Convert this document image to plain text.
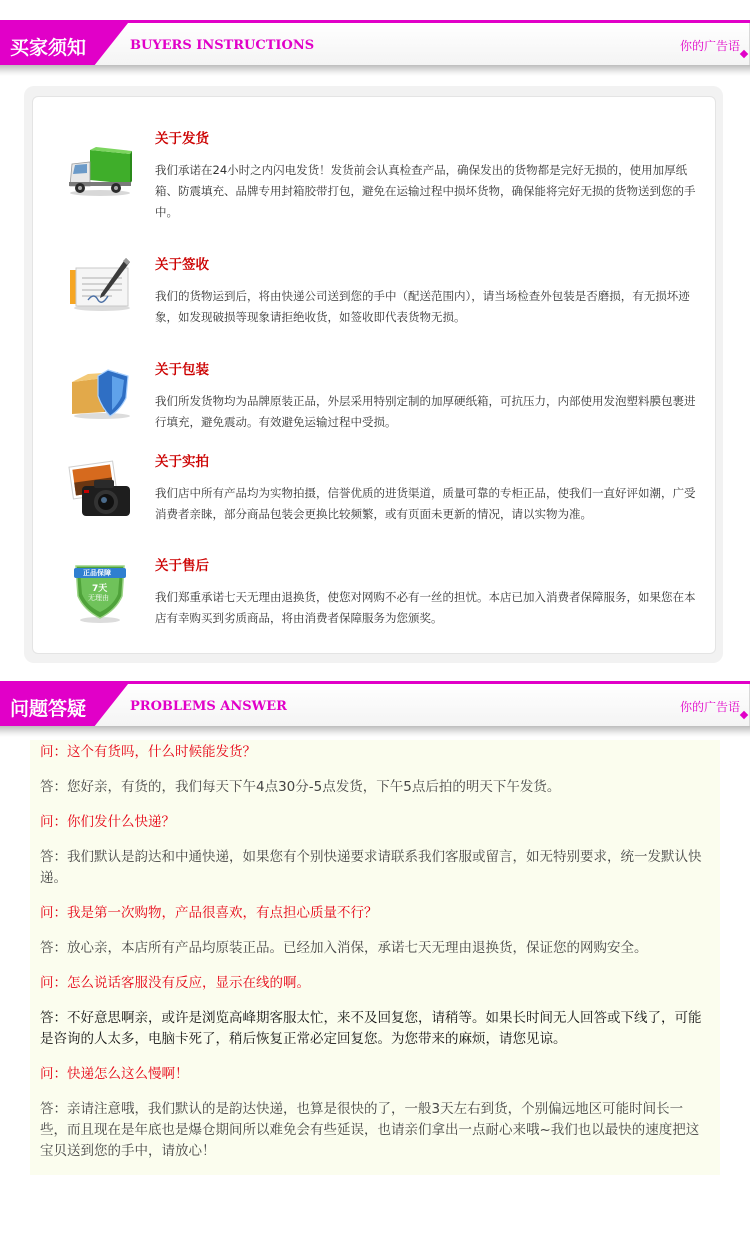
买家须知	BUYERS INSTRUCTIONS	你的广告语
关于发货
我们承诺在24小时之内闪电发货！发货前会认真检查产品，确保发出的货物都是完好无损的，使用加厚纸箱、防震填充、品牌专用封箱胶带打包，避免在运输过程中损坏货物，确保能将完好无损的货物送到您的手中。
关于签收
我们的货物运到后，将由快递公司送到您的手中（配送范围内），请当场检查外包装是否磨损，有无损坏迹象，如发现破损等现象请拒绝收货，如签收即代表货物无损。
关于包装
我们所发货物均为品牌原装正品，外层采用特别定制的加厚硬纸箱，可抗压力，内部使用发泡塑料膜包裹进行填充，避免震动。有效避免运输过程中受损。
关于实拍
我们店中所有产品均为实物拍摄，信誉优质的进货渠道，质量可靠的专柜正品，使我们一直好评如潮，广受消费者亲睐，部分商品包装会更换比较频繁，或有页面未更新的情况，请以实物为准。
正品保障
7天
无理由
关于售后
我们郑重承诺七天无理由退换货，使您对网购不必有一丝的担忧。本店已加入消费者保障服务，如果您在本店有幸购买到劣质商品，将由消费者保障服务为您颁奖。
问题答疑	PROBLEMS ANSWER	你的广告语
问：这个有货吗，什么时候能发货？
答：您好亲，有货的，我们每天下午4点30分-5点发货，下午5点后拍的明天下午发货。
问：你们发什么快递？
答：我们默认是韵达和中通快递，如果您有个别快递要求请联系我们客服或留言，如无特别要求，统一发默认快递。
问：我是第一次购物，产品很喜欢，有点担心质量不行？
答：放心亲，本店所有产品均原装正品。已经加入消保，承诺七天无理由退换货，保证您的网购安全。
问：怎么说话客服没有反应，显示在线的啊。
答：不好意思啊亲，或许是浏览高峰期客服太忙，来不及回复您，请稍等。如果长时间无人回答或下线了，可能是咨询的人太多，电脑卡死了，稍后恢复正常必定回复您。为您带来的麻烦，请您见谅。
问：快递怎么这么慢啊！
答：亲请注意哦，我们默认的是韵达快递，也算是很快的了，一般3天左右到货，个别偏远地区可能时间长一些，而且现在是年底也是爆仓期间所以难免会有些延误，也请亲们拿出一点耐心来哦~我们也以最快的速度把这宝贝送到您的手中，请放心！
